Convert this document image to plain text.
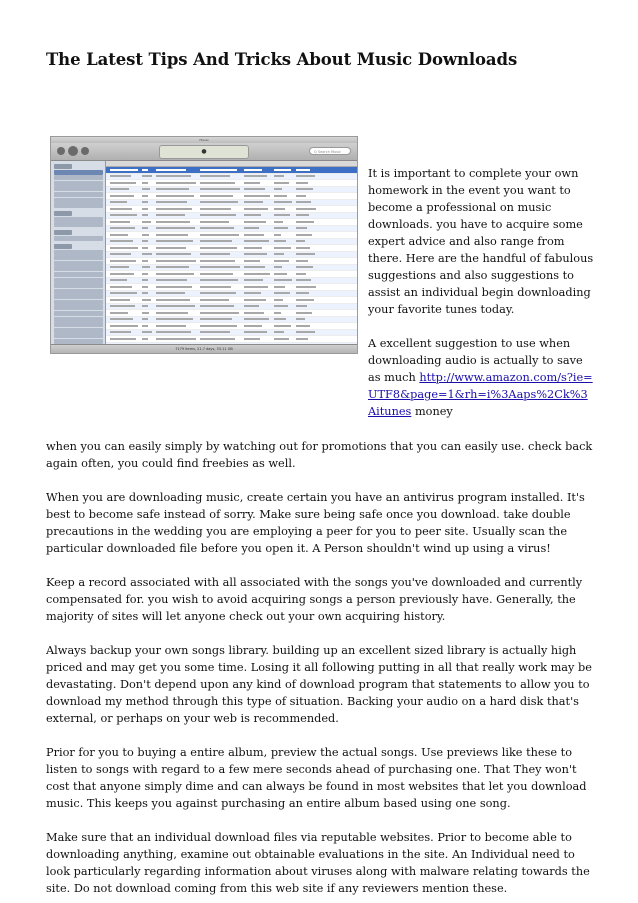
The Latest Tips And Tricks About Music Downloads
iTunes
●	Q Search Music
7179 items, 21.7 days, 33.11 GB

It is important to complete your own homework in the event you want to become a professional on music downloads. you have to acquire some expert advice and also range from there. Here are the handful of fabulous suggestions and also suggestions to assist an individual begin downloading your favorite tunes today.

A excellent suggestion to use when downloading audio is actually to save as much http://www.amazon.com/s?ie=UTF8&page=1&rh=i%3Aaps%2Ck%3Aitunes money

when you can easily simply by watching out for promotions that you can easily use. check back again often, you could find freebies as well.

When you are downloading music, create certain you have an antivirus program installed. It's best to become safe instead of sorry. Make sure being safe once you download. take double precautions in the wedding you are employing a peer for you to peer site. Usually scan the particular downloaded file before you open it. A Person shouldn't wind up using a virus!

Keep a record associated with all associated with the songs you've downloaded and currently compensated for. you wish to avoid acquiring songs a person previously have. Generally, the majority of sites will let anyone check out your own acquiring history.

Always backup your own songs library. building up an excellent sized library is actually high priced and may get you some time. Losing it all following putting in all that really work may be devastating. Don't depend upon any kind of download program that statements to allow you to download my method through this type of situation. Backing your audio on a hard disk that's external, or perhaps on your web is recommended.

Prior for you to buying a entire album, preview the actual songs. Use previews like these to listen to songs with regard to a few mere seconds ahead of purchasing one. That They won't cost that anyone simply dime and can always be found in most websites that let you download music. This keeps you against purchasing an entire album based using one song.

Make sure that an individual download files via reputable websites. Prior to become able to downloading anything, examine out obtainable evaluations in the site. An Individual need to look particularly regarding information about viruses along with malware relating towards the site. Do not download coming from this web site if any reviewers mention these.
